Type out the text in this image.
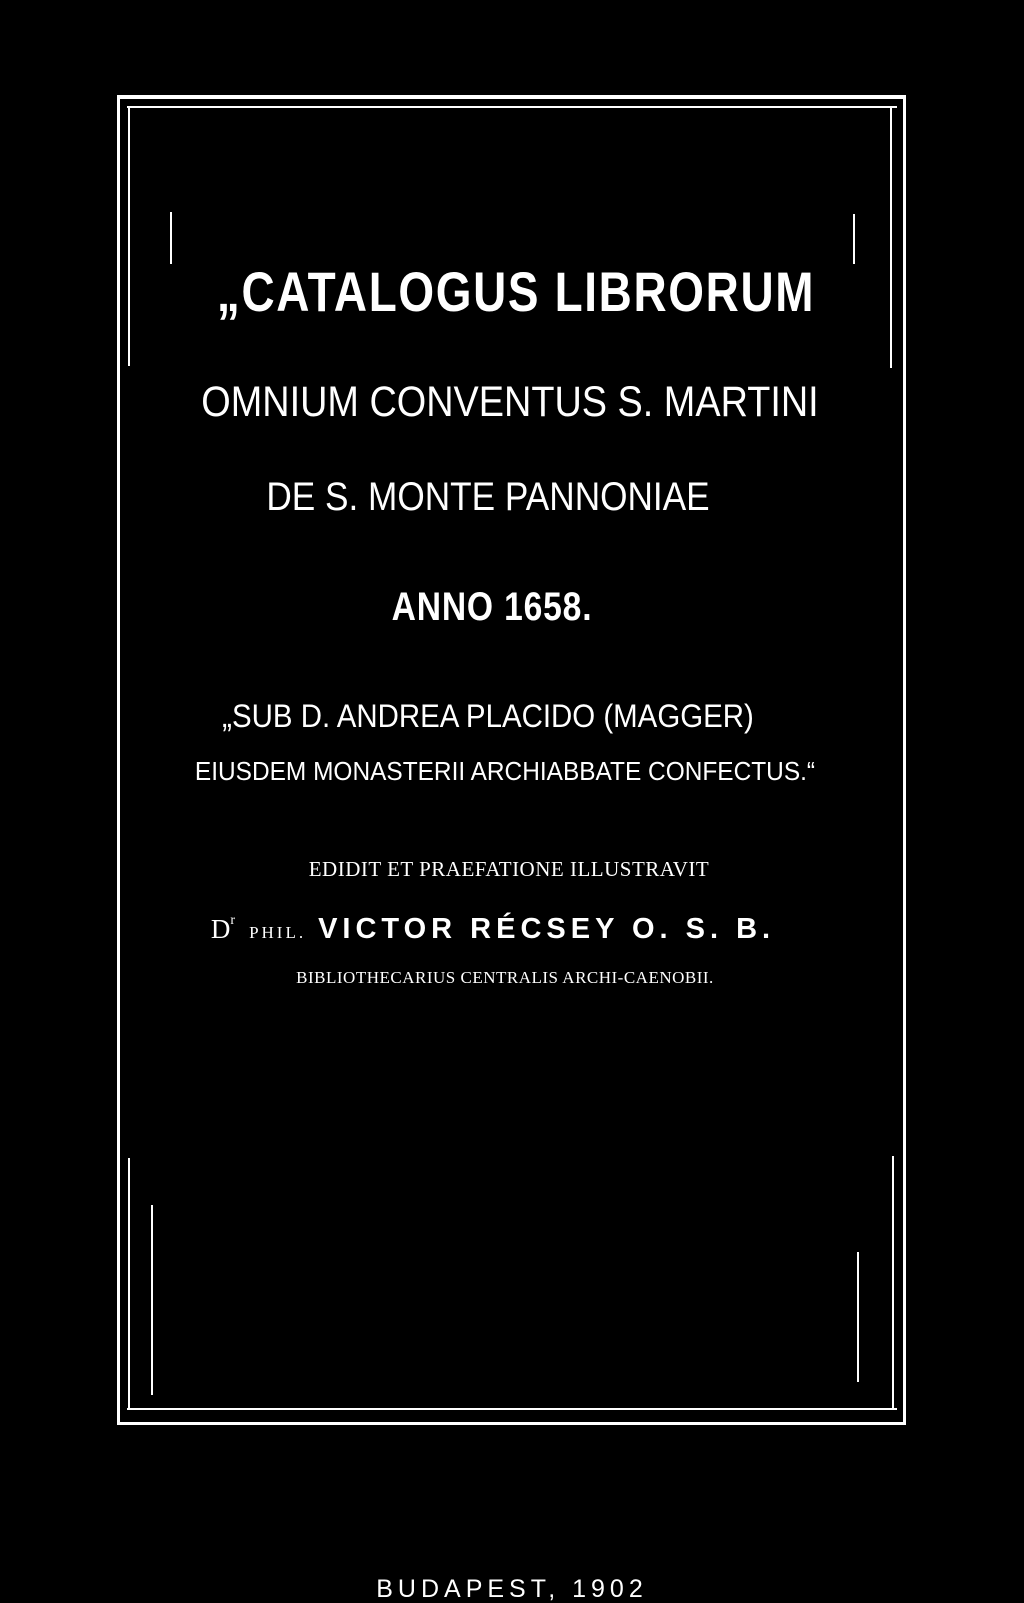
„CATALOGUS LIBRORUM
OMNIUM CONVENTUS S. MARTINI
DE S. MONTE PANNONIAE
ANNO 1658.
„SUB D. ANDREA PLACIDO (MAGGER)
EIUSDEM MONASTERII ARCHIABBATE CONFECTUS.“
EDIDIT ET PRAEFATIONE ILLUSTRAVIT
$D^rPHIL$. VICTOR RÉCSEY O. S. B.
BIBLIOTHECARIUS CENTRALIS ARCHI-CAENOBII.
BUDAPEST, 1902
